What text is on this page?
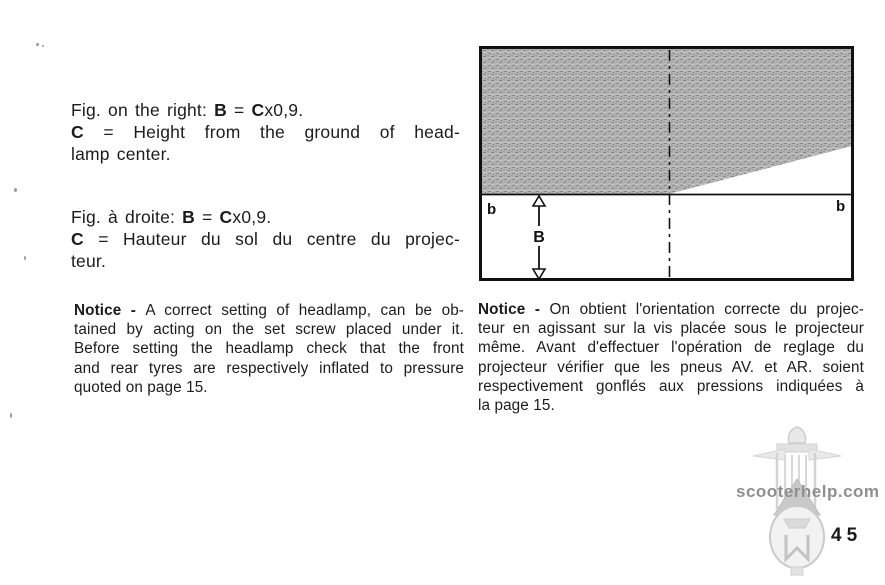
Fig. on the right: B = Cx0,9.
C = Height from the ground of head-
lamp center.
Fig. à droite: B = Cx0,9.
C = Hauteur du sol du centre du projec-
teur.
Notice - A correct setting of headlamp, can be ob-
tained by acting on the set screw placed under it.
Before setting the headlamp check that the front
and rear tyres are respectively inflated to pressure
quoted on page 15.
Notice - On obtient l'orientation correcte du projec-
teur en agissant sur la vis placée sous le projecteur
même. Avant d'effectuer l'opération de reglage du
projecteur vérifier que les pneus AV. et AR. soient
respectivement gonflés aux pressions indiquées à
la page 15.
B
b	b
scooterhelp.com
45
